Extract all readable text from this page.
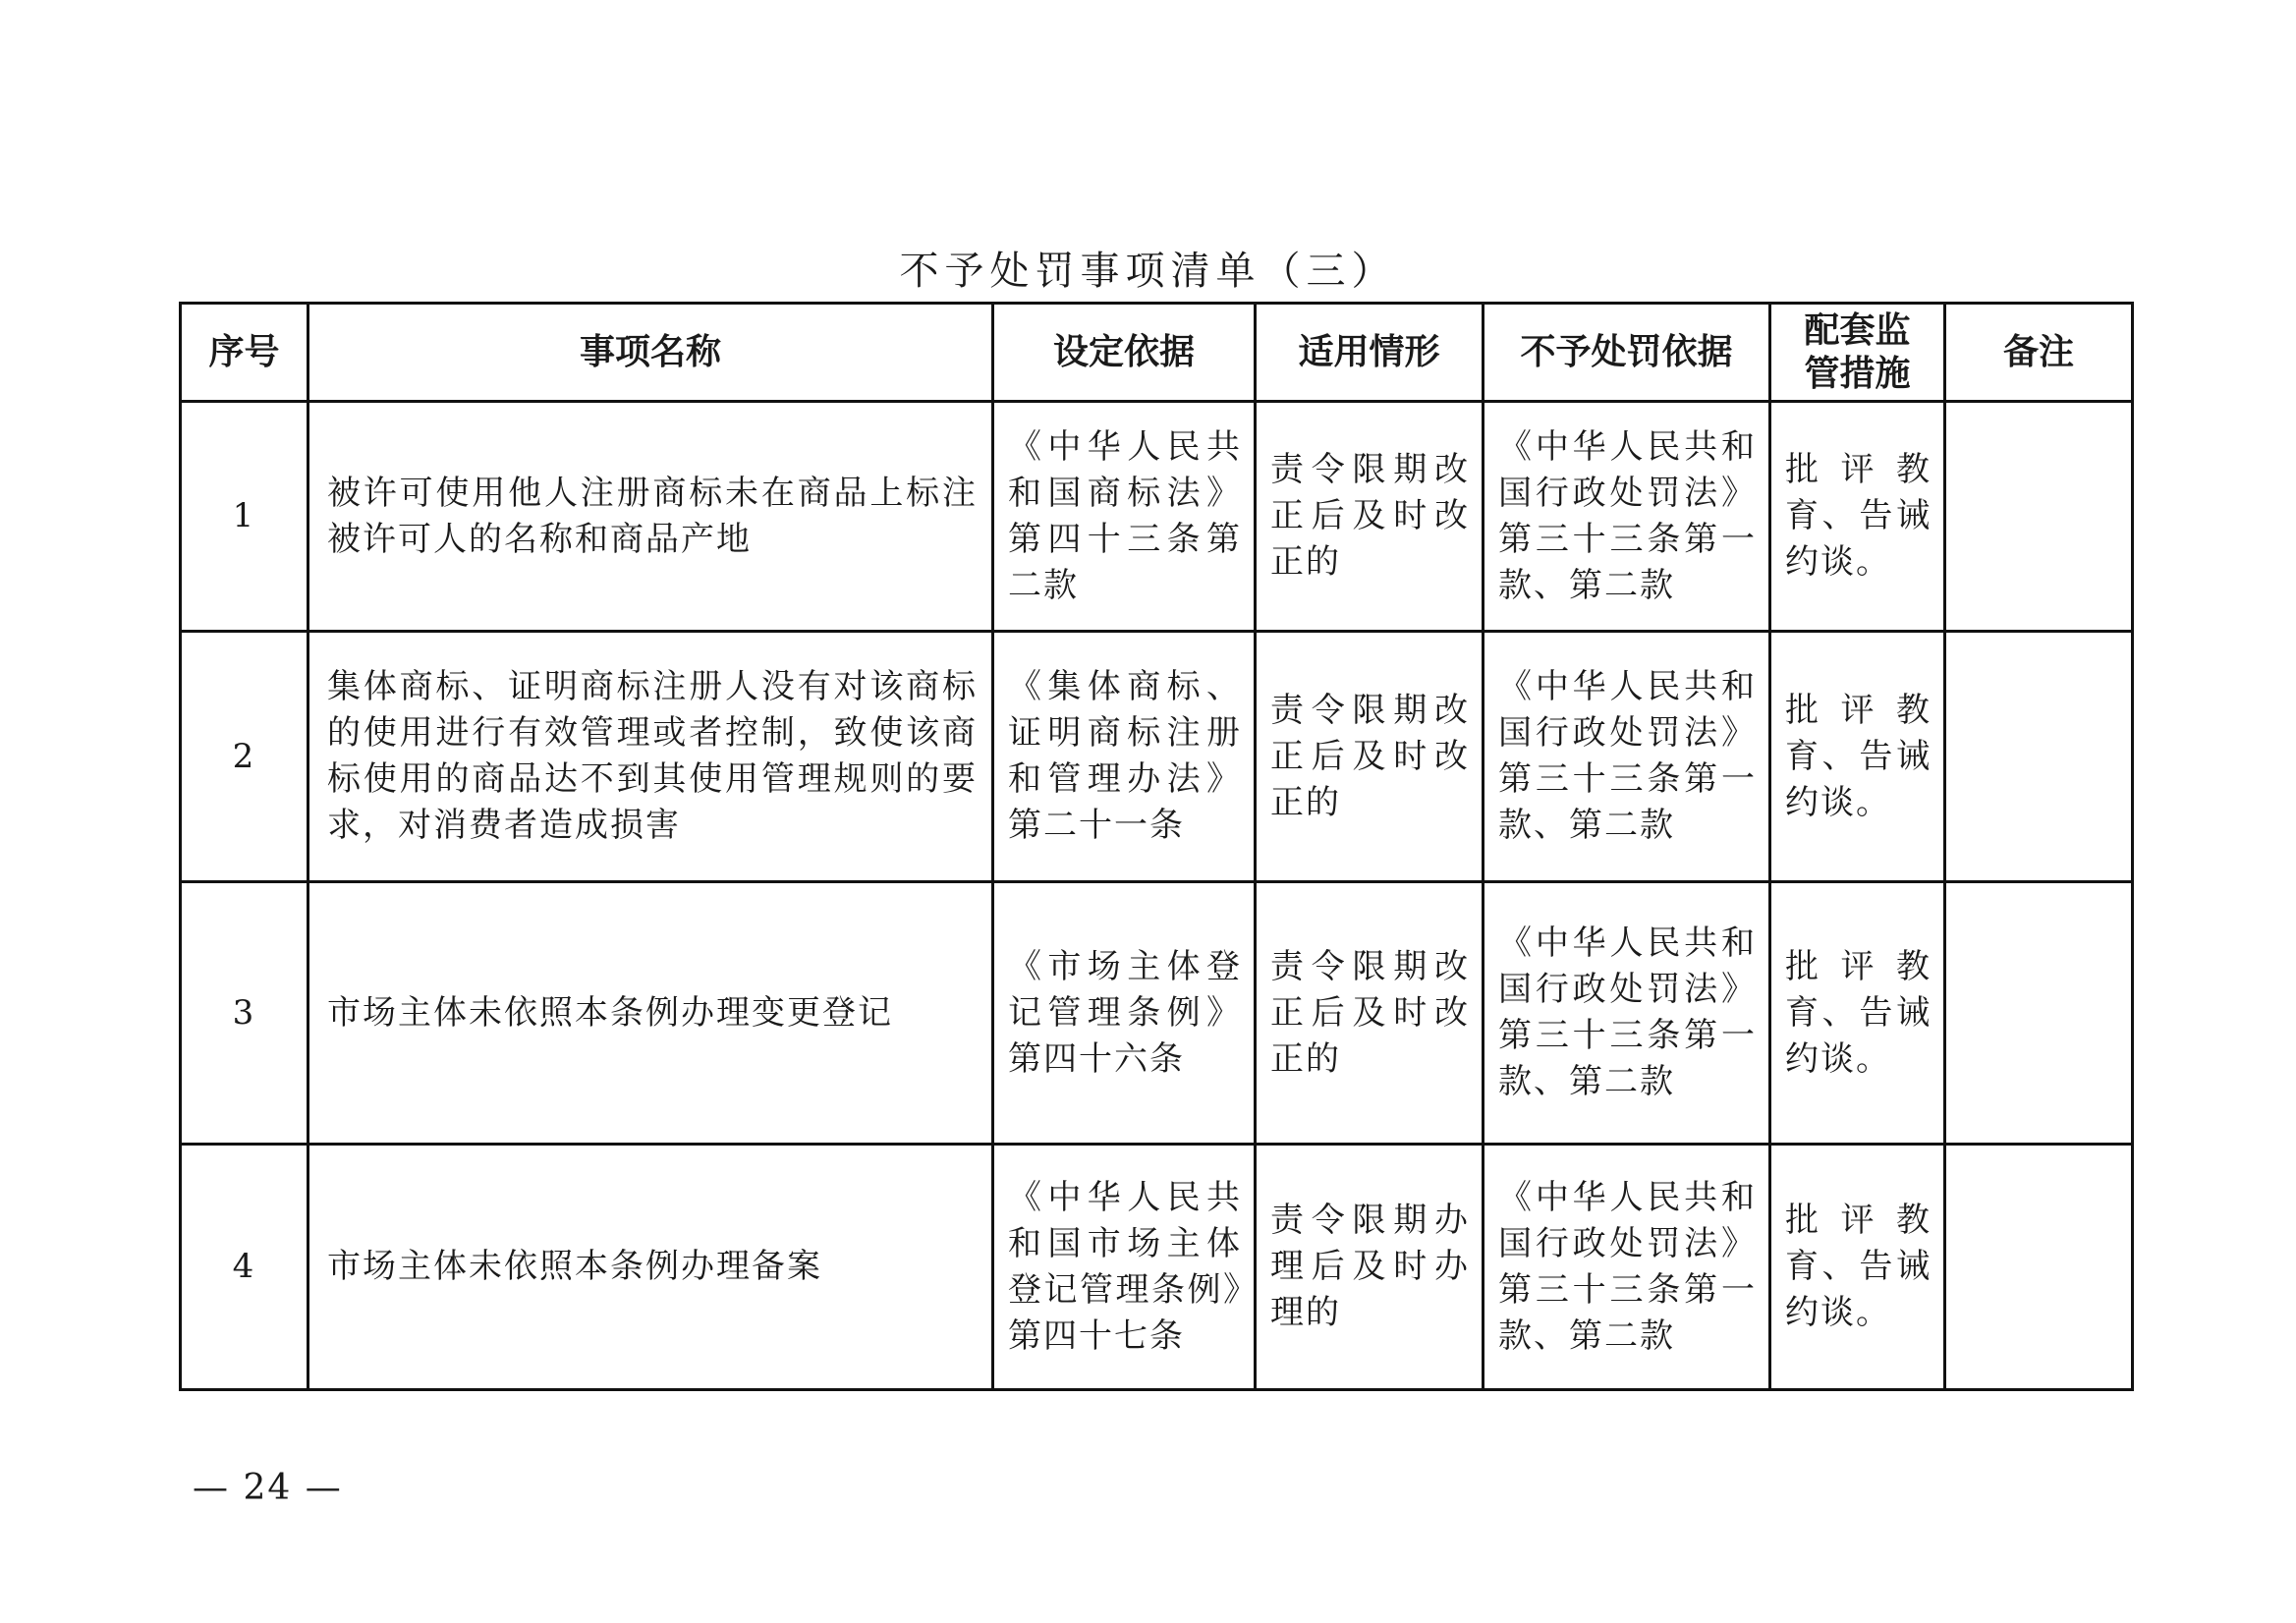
不予处罚事项清单（三）
序号	事项名称	设定依据	适用情形	不予处罚依据	配套监管措施	备注
1	被许可使用他人注册商标未在商品上标注被许可人的名称和商品产地	《中华人民共和国商标法》第四十三条第二款	责令限期改正后及时改正的	《中华人民共和国行政处罚法》第三十三条第一款、第二款	批评教育、告诫约谈。	
2	集体商标、证明商标注册人没有对该商标的使用进行有效管理或者控制，致使该商标使用的商品达不到其使用管理规则的要求，对消费者造成损害	《集体商标、证明商标注册和管理办法》第二十一条	责令限期改正后及时改正的	《中华人民共和国行政处罚法》第三十三条第一款、第二款	批评教育、告诫约谈。	
3	市场主体未依照本条例办理变更登记	《市场主体登记管理条例》第四十六条	责令限期改正后及时改正的	《中华人民共和国行政处罚法》第三十三条第一款、第二款	批评教育、告诫约谈。	
4	市场主体未依照本条例办理备案	《中华人民共和国市场主体登记管理条例》第四十七条	责令限期办理后及时办理的	《中华人民共和国行政处罚法》第三十三条第一款、第二款	批评教育、告诫约谈。	
— 24 —
